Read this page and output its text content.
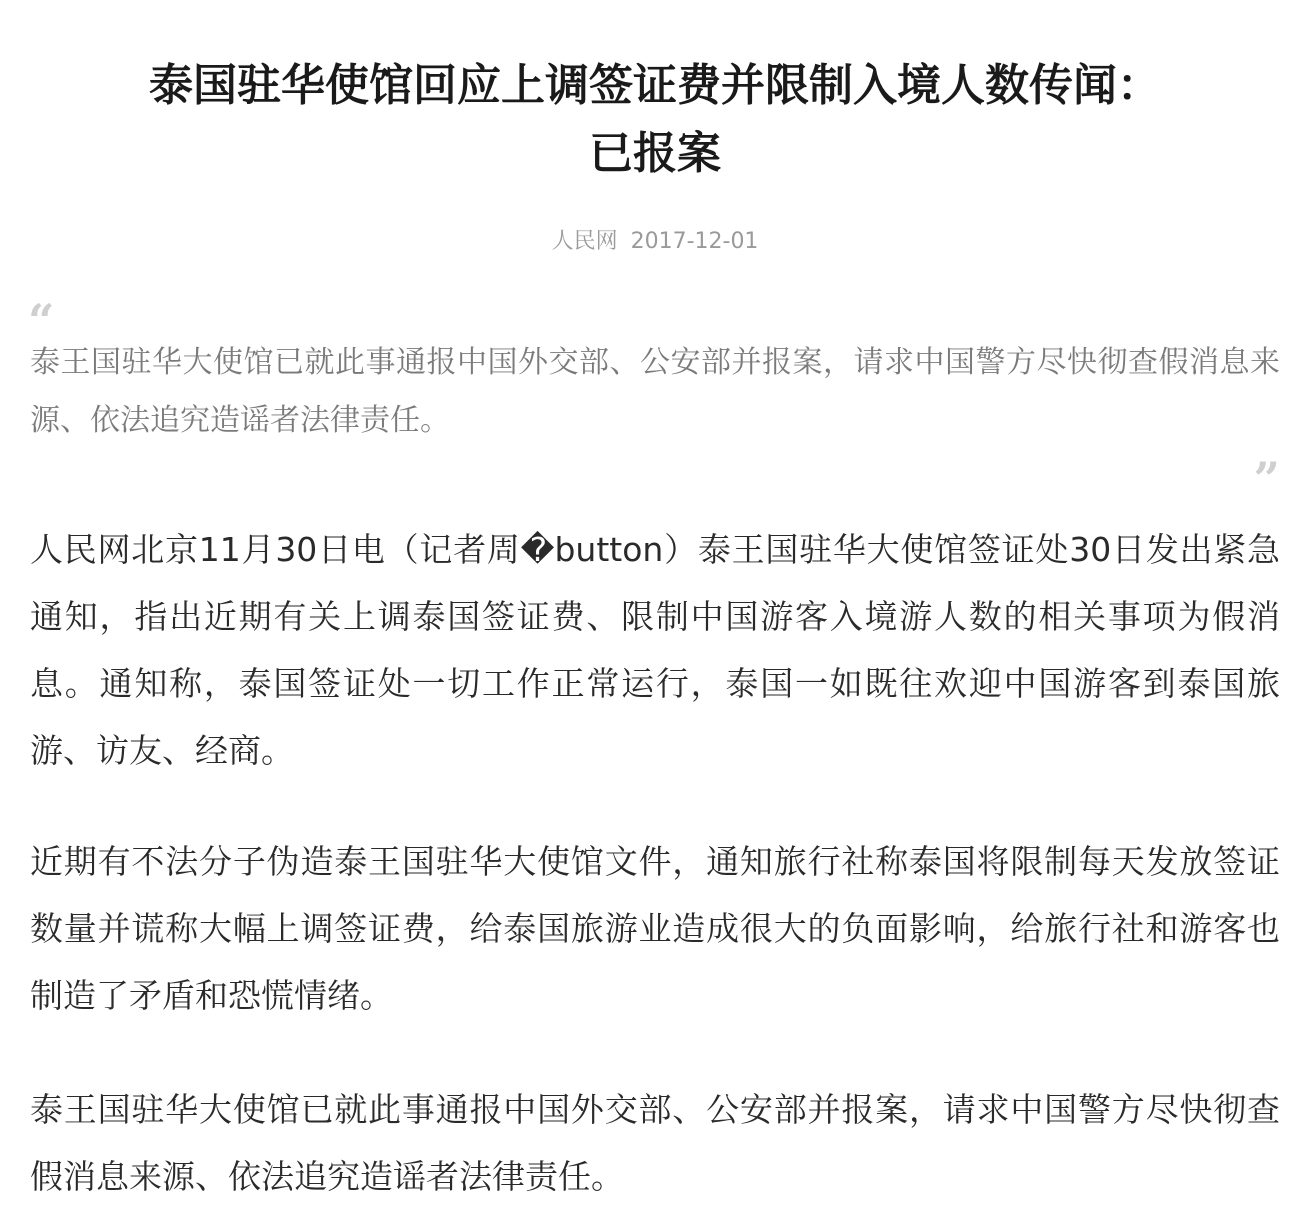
泰国驻华使馆回应上调签证费并限制入境人数传闻：
已报案
人民网 2017-12-01
“

泰王国驻华大使馆已就此事通报中国外交部、公安部并报案，请求中国警方尽快彻查假消息来源、依法追究造谣者法律责任。

”

人民网北京11月30日电（记者周�button）泰王国驻华大使馆签证处30日发出紧急通知，指出近期有关上调泰国签证费、限制中国游客入境游人数的相关事项为假消息。通知称，泰国签证处一切工作正常运行，泰国一如既往欢迎中国游客到泰国旅游、访友、经商。

近期有不法分子伪造泰王国驻华大使馆文件，通知旅行社称泰国将限制每天发放签证数量并谎称大幅上调签证费，给泰国旅游业造成很大的负面影响，给旅行社和游客也制造了矛盾和恐慌情绪。

泰王国驻华大使馆已就此事通报中国外交部、公安部并报案，请求中国警方尽快彻查假消息来源、依法追究造谣者法律责任。
